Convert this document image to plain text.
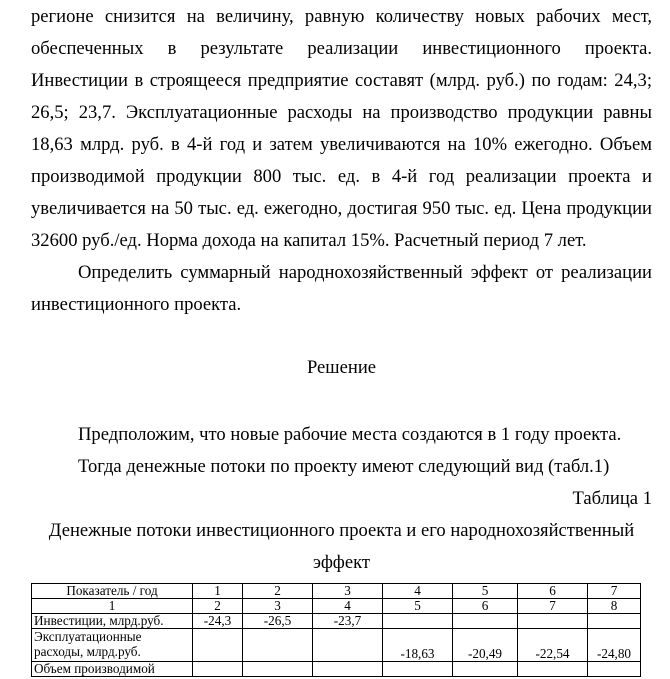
регионе снизится на величину, равную количеству новых рабочих мест,
обеспеченных в результате реализации инвестиционного проекта.
Инвестиции в строящееся предприятие составят (млрд. руб.) по годам: 24,3;
26,5; 23,7. Эксплуатационные расходы на производство продукции равны
18,63 млрд. руб. в 4-й год и затем увеличиваются на 10% ежегодно. Объем
производимой продукции 800 тыс. ед. в 4-й год реализации проекта и
увеличивается на 50 тыс. ед. ежегодно, достигая 950 тыс. ед. Цена продукции
32600 руб./ед. Норма дохода на капитал 15%. Расчетный период 7 лет.
Определить суммарный народнохозяйственный эффект от реализации
инвестиционного проекта.
Решение
Предположим, что новые рабочие места создаются в 1 году проекта.
Тогда денежные потоки по проекту имеют следующий вид (табл.1)
Таблица 1
Денежные потоки инвестиционного проекта и его народнохозяйственный
эффект
Показатель / год	1	2	3	4	5	6	7
1	2	3	4	5	6	7	8
Инвестиции, млрд.руб.	-24,3	-26,5	-23,7				
Эксплуатационные расходы, млрд.руб.				-18,63	-20,49	-22,54	-24,80
Объем производимой							
